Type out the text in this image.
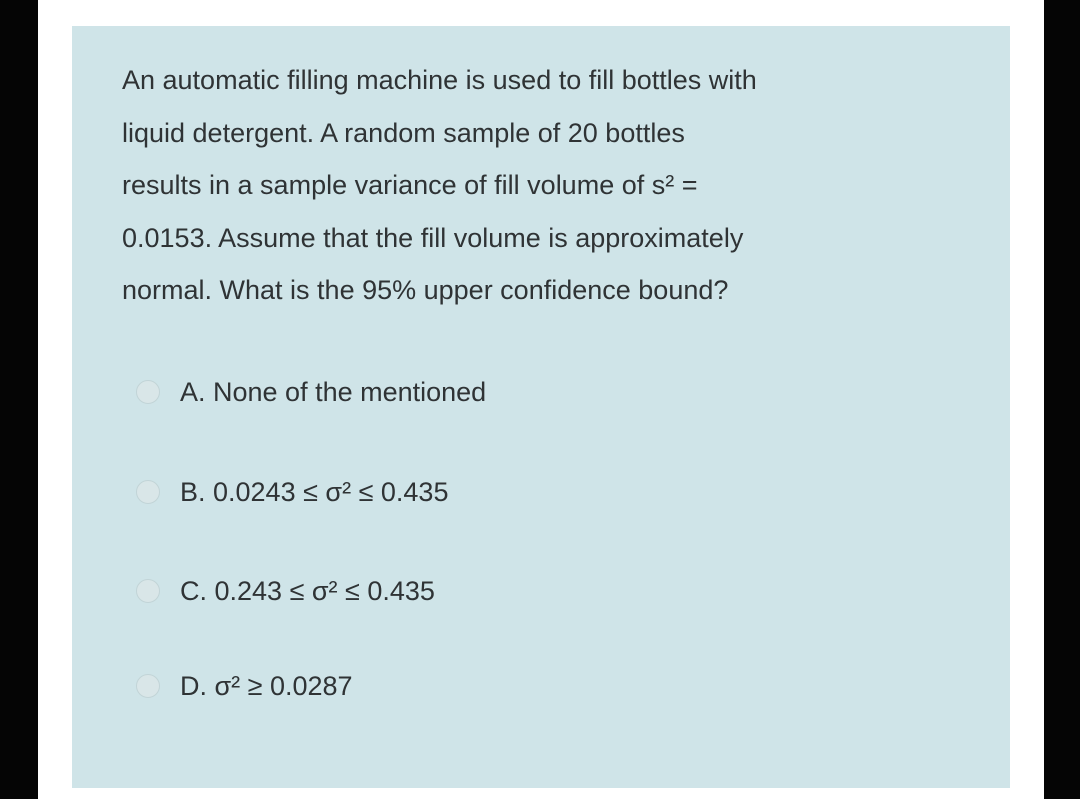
An automatic filling machine is used to fill bottles with
liquid detergent. A random sample of 20 bottles
results in a sample variance of fill volume of s² =
0.0153. Assume that the fill volume is approximately
normal. What is the 95% upper confidence bound?

A. None of the mentioned
B. 0.0243 ≤ σ² ≤ 0.435
C. 0.243 ≤ σ² ≤ 0.435
D. σ² ≥ 0.0287
